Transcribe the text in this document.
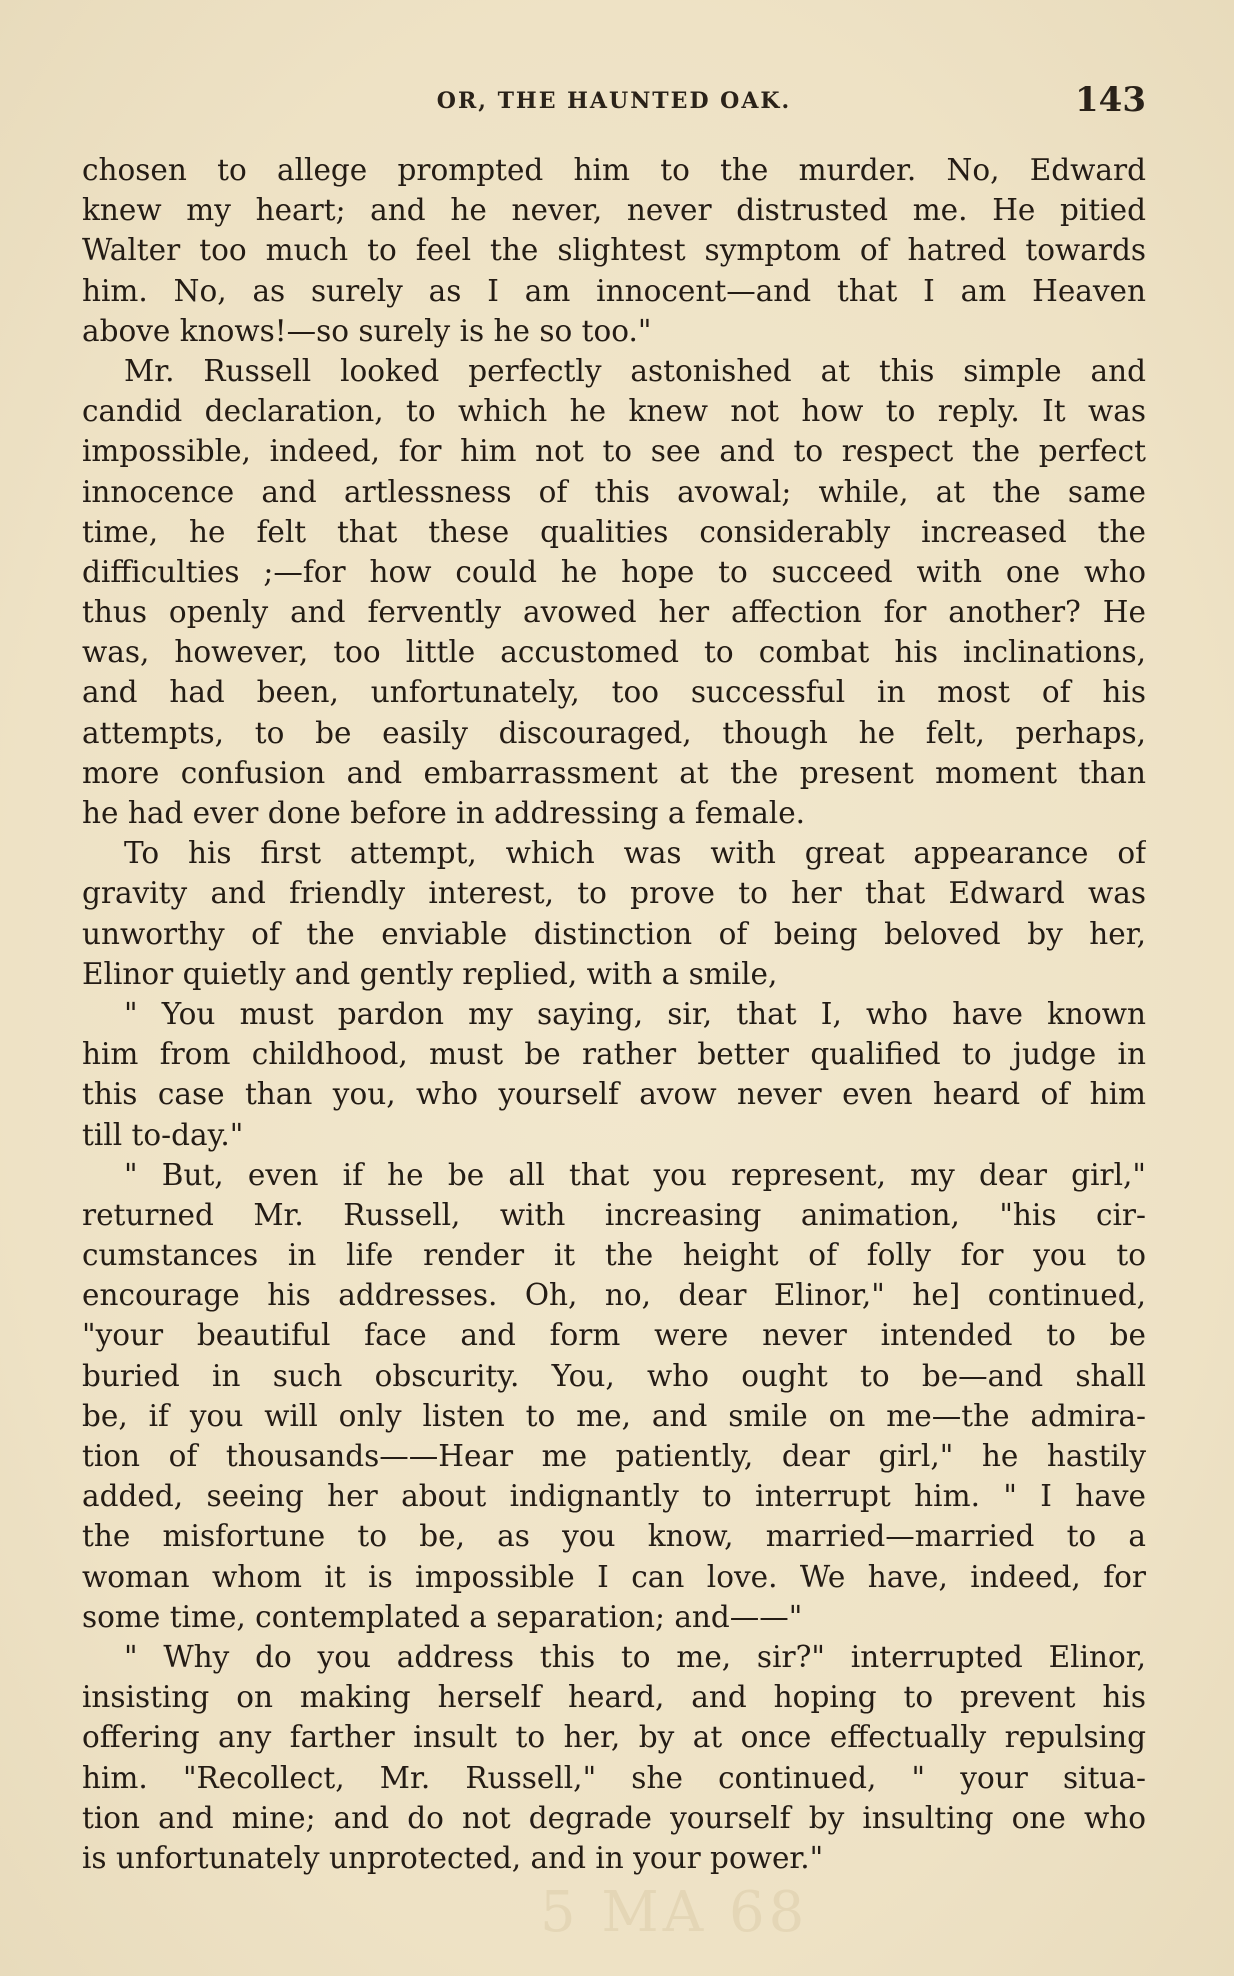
OR, THE HAUNTED OAK.	143
chosen to allege prompted him to the murder. No, Edward
knew my heart; and he never, never distrusted me. He pitied
Walter too much to feel the slightest symptom of hatred towards
him. No, as surely as I am innocent—and that I am Heaven
above knows!—so surely is he so too."
Mr. Russell looked perfectly astonished at this simple and
candid declaration, to which he knew not how to reply. It was
impossible, indeed, for him not to see and to respect the perfect
innocence and artlessness of this avowal; while, at the same
time, he felt that these qualities considerably increased the
difficulties ;—for how could he hope to succeed with one who
thus openly and fervently avowed her affection for another? He
was, however, too little accustomed to combat his inclinations,
and had been, unfortunately, too successful in most of his
attempts, to be easily discouraged, though he felt, perhaps,
more confusion and embarrassment at the present moment than
he had ever done before in addressing a female.
To his first attempt, which was with great appearance of
gravity and friendly interest, to prove to her that Edward was
unworthy of the enviable distinction of being beloved by her,
Elinor quietly and gently replied, with a smile,
" You must pardon my saying, sir, that I, who have known
him from childhood, must be rather better qualified to judge in
this case than you, who yourself avow never even heard of him
till to-day."
" But, even if he be all that you represent, my dear girl,"
returned Mr. Russell, with increasing animation, "his cir-
cumstances in life render it the height of folly for you to
encourage his addresses. Oh, no, dear Elinor," he] continued,
"your beautiful face and form were never intended to be
buried in such obscurity. You, who ought to be—and shall
be, if you will only listen to me, and smile on me—the admira-
tion of thousands——Hear me patiently, dear girl," he hastily
added, seeing her about indignantly to interrupt him. " I have
the misfortune to be, as you know, married—married to a
woman whom it is impossible I can love. We have, indeed, for
some time, contemplated a separation; and——"
" Why do you address this to me, sir?" interrupted Elinor,
insisting on making herself heard, and hoping to prevent his
offering any farther insult to her, by at once effectually repulsing
him. "Recollect, Mr. Russell," she continued, " your situa-
tion and mine; and do not degrade yourself by insulting one who
is unfortunately unprotected, and in your power."
5 MA 68
